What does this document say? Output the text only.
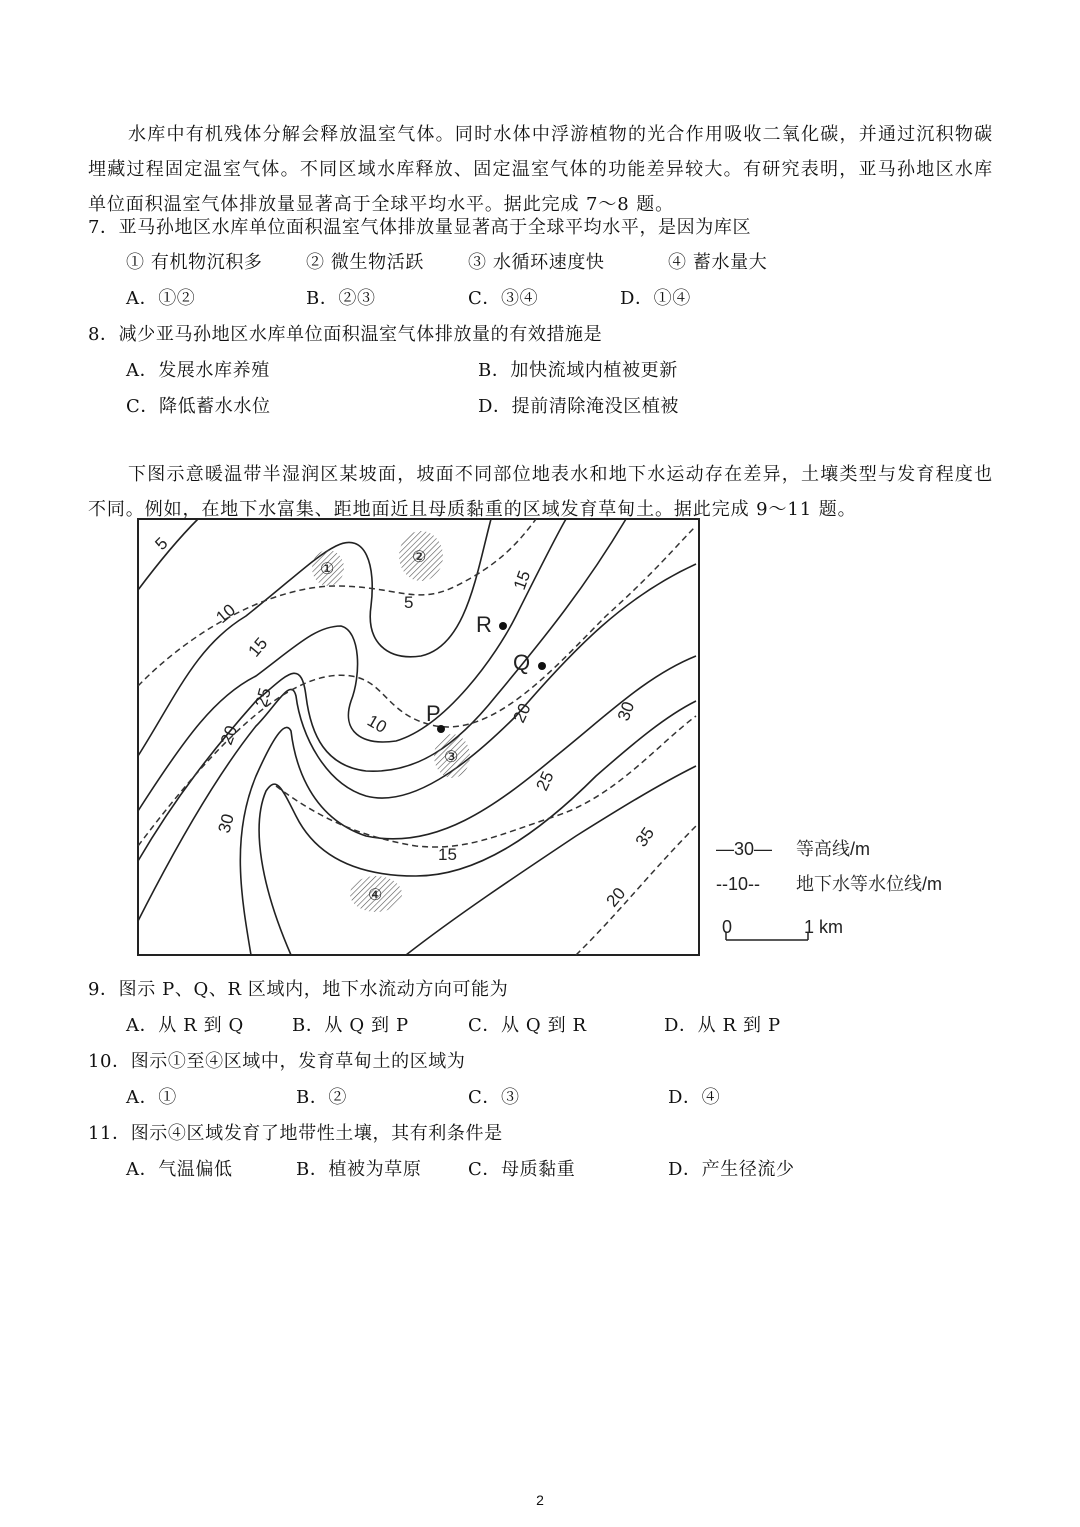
水库中有机残体分解会释放温室气体。同时水体中浮游植物的光合作用吸收二氧化碳，并通过沉积物碳埋藏过程固定温室气体。不同区域水库释放、固定温室气体的功能差异较大。有研究表明，亚马孙地区水库单位面积温室气体排放量显著高于全球平均水平。据此完成 7～8 题。
7．亚马孙地区水库单位面积温室气体排放量显著高于全球平均水平，是因为库区
① 有机物沉积多 ② 微生物活跃 ③ 水循环速度快	④ 蓄水量大
A．①②	B．②③	C．③④	D．①④
8．减少亚马孙地区水库单位面积温室气体排放量的有效措施是
A．发展水库养殖	B．加快流域内植被更新
C．降低蓄水水位	D．提前清除淹没区植被
下图示意暖温带半湿润区某坡面，坡面不同部位地表水和地下水运动存在差异，土壤类型与发育程度也不同。例如，在地下水富集、距地面近且母质黏重的区域发育草甸土。据此完成 9～11 题。
5
10
15
20
25
30
15
20
25
30
35
5
10
15
20
R
Q
P
①
②
③
④
—30— 等高线/m
--10-- 地下水等水位线/m
0	1 km
9．图示 P、Q、R 区域内，地下水流动方向可能为
A．从 R 到 Q	B．从 Q 到 P	C．从 Q 到 R	D．从 R 到 P
10．图示①至④区域中，发育草甸土的区域为
A．①	B．②	C．③	D．④
11．图示④区域发育了地带性土壤，其有利条件是
A．气温偏低	B．植被为草原	C．母质黏重	D．产生径流少
2
